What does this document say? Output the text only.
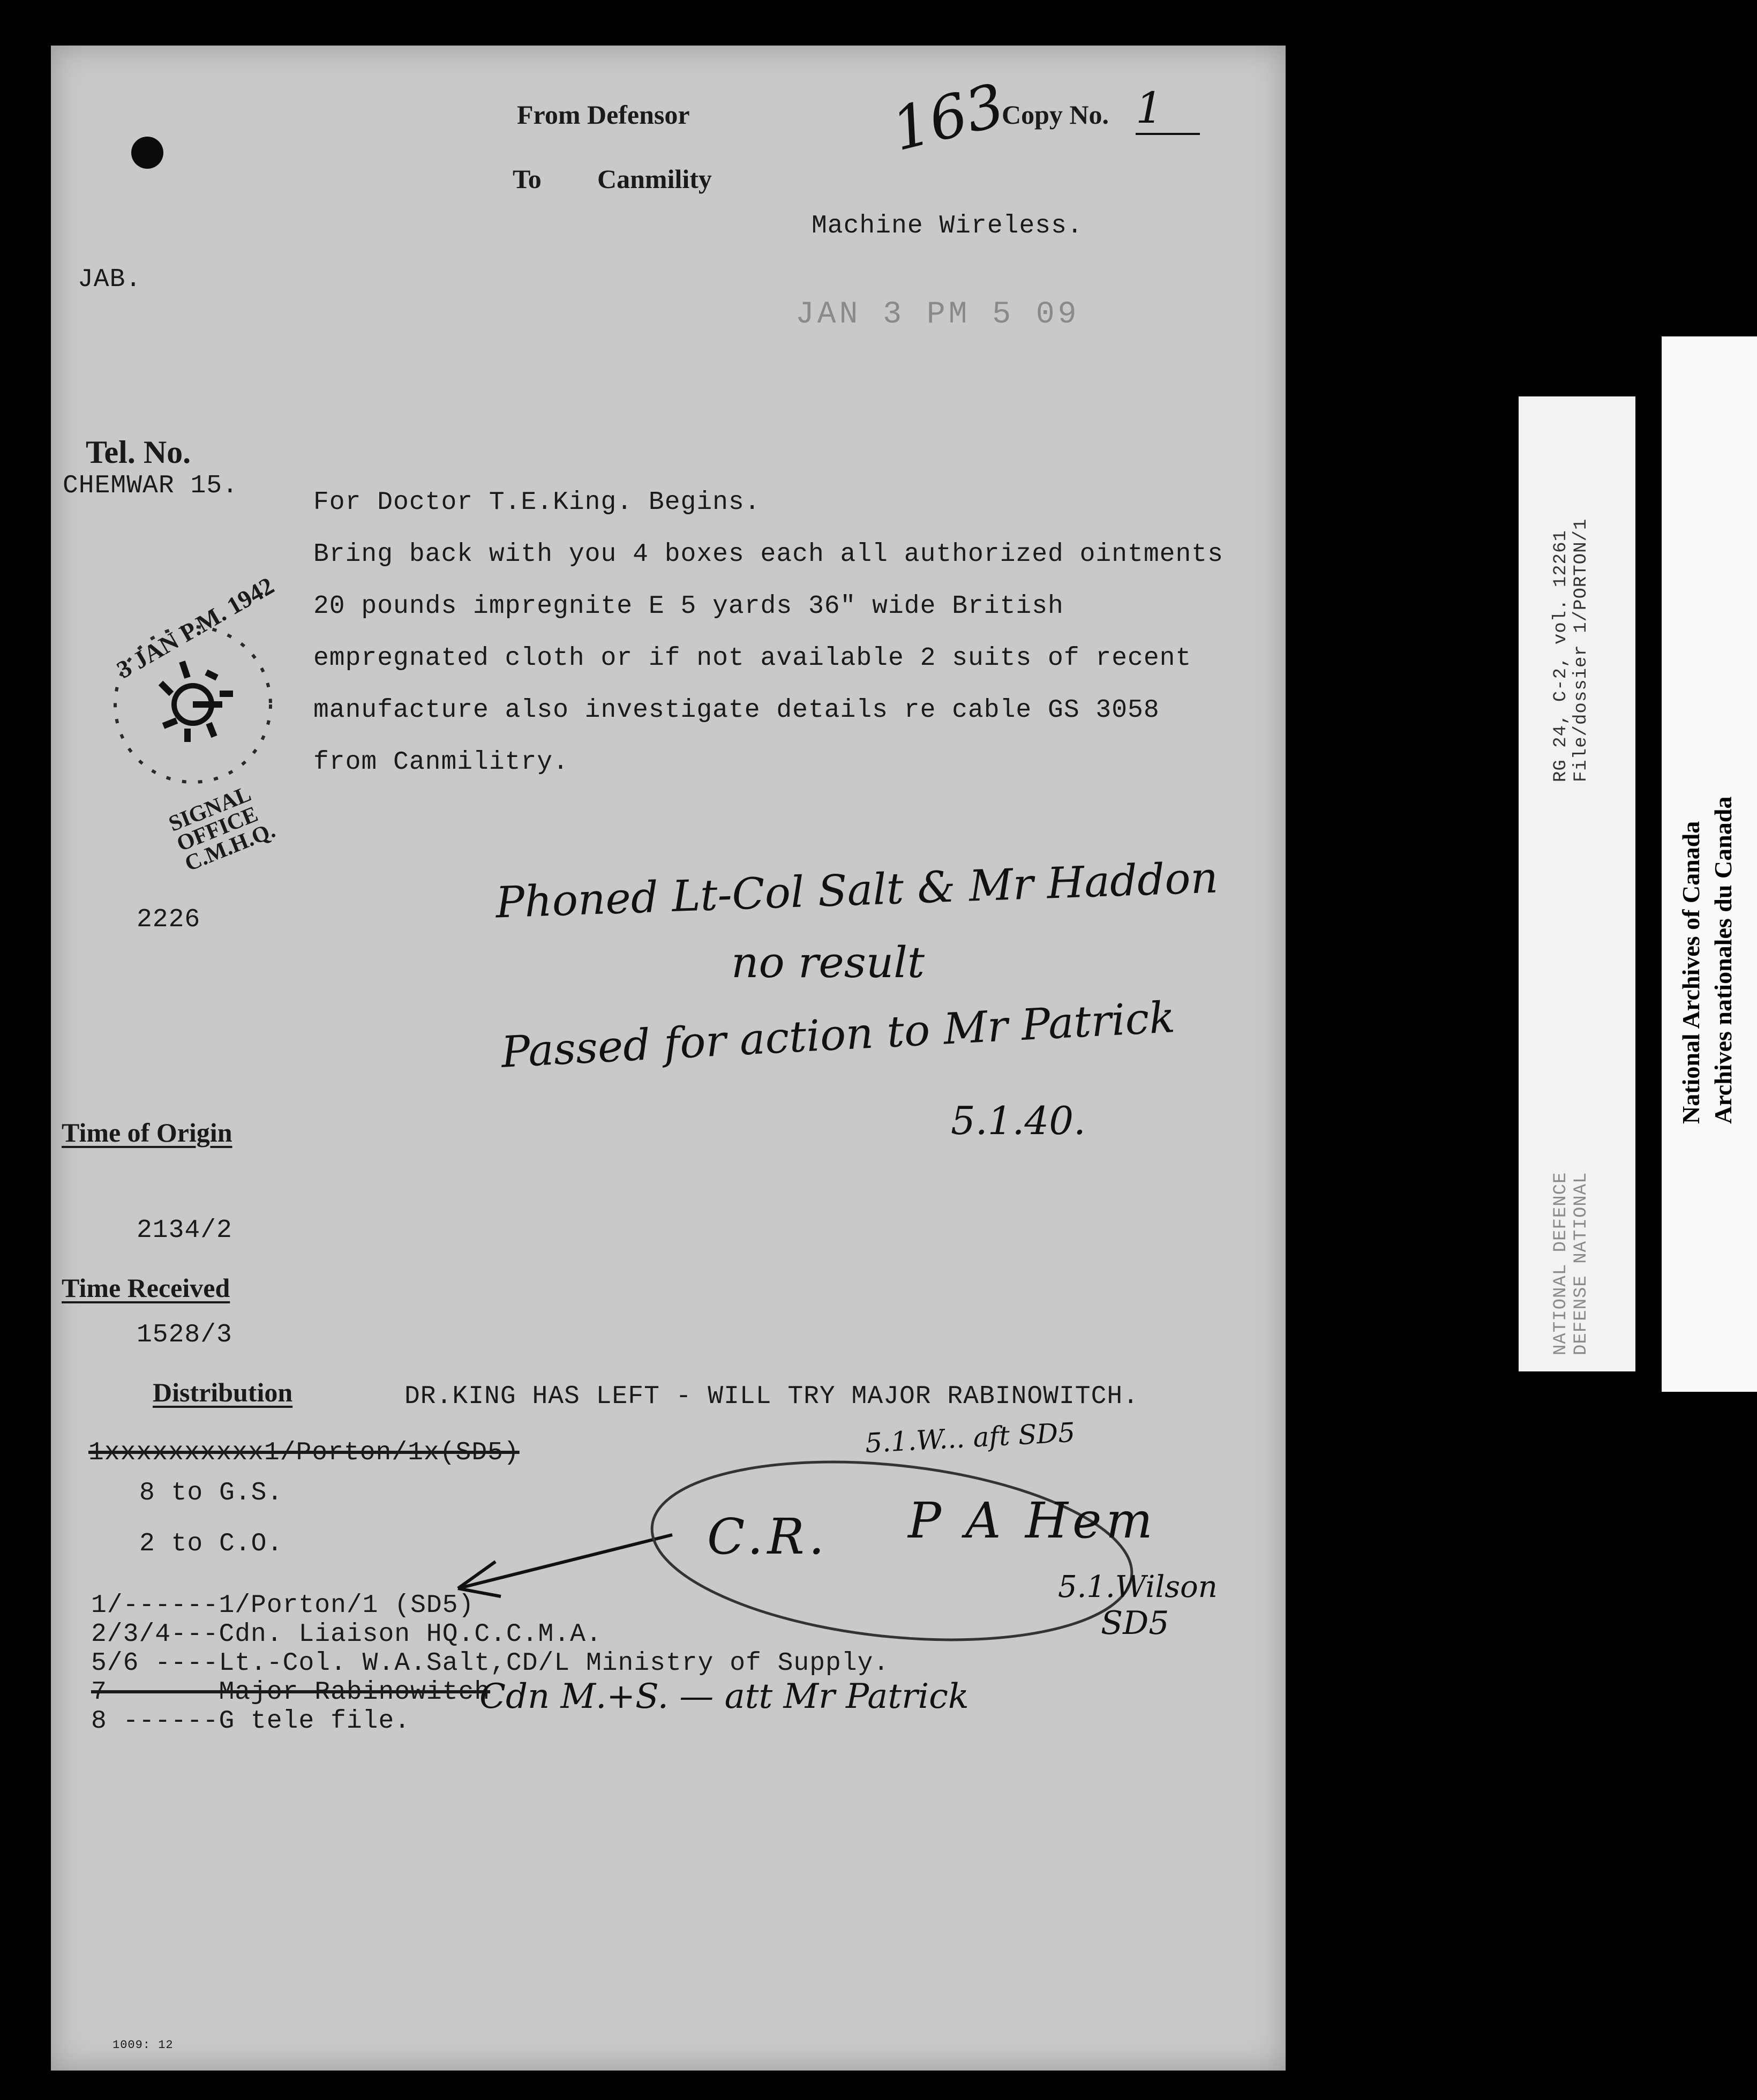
From Defensor
To Canmility
163
Copy No. 1
Machine Wireless.
JAB.
JAN 3 PM 5 09
Tel. No.
CHEMWAR 15.
3 JAN P.M. 1942
SIGNAL OFFICE C.M.H.Q.
2226
Time of Origin
2134/2
Time Received
1528/3
Distribution
For Doctor T.E.King. Begins.
Bring back with you 4 boxes each all authorized ointments
20 pounds impregnite E 5 yards 36" wide British
empregnated cloth or if not available 2 suits of recent
manufacture also investigate details re cable GS 3058
from Canmilitry.
Phoned Lt-Col Salt & Mr Haddon
no result
Passed for action to Mr Patrick
5.1.40.
DR.KING HAS LEFT - WILL TRY MAJOR RABINOWITCH.
5.1.W... aft SD5
1xxxxxxxxxx1/Porton/1x(SD5)
8 to G.S.
2 to C.O.
1/------1/Porton/1 (SD5)
2/3/4---Cdn. Liaison HQ.C.C.M.A.
5/6 ----Lt.-Col. W.A.Salt,CD/L Ministry of Supply.
7 ------Major Rabinowitch
8 ------G tele file.
Cdn M.+S. — att Mr Patrick
C.R. P A Hem
5.1.Wilson
SD5
1009: 12
RG 24, C-2, vol. 12261 File/dossier 1/PORTON/1
NATIONAL DEFENCE DEFENSE NATIONAL
National Archives of Canada Archives nationales du Canada
